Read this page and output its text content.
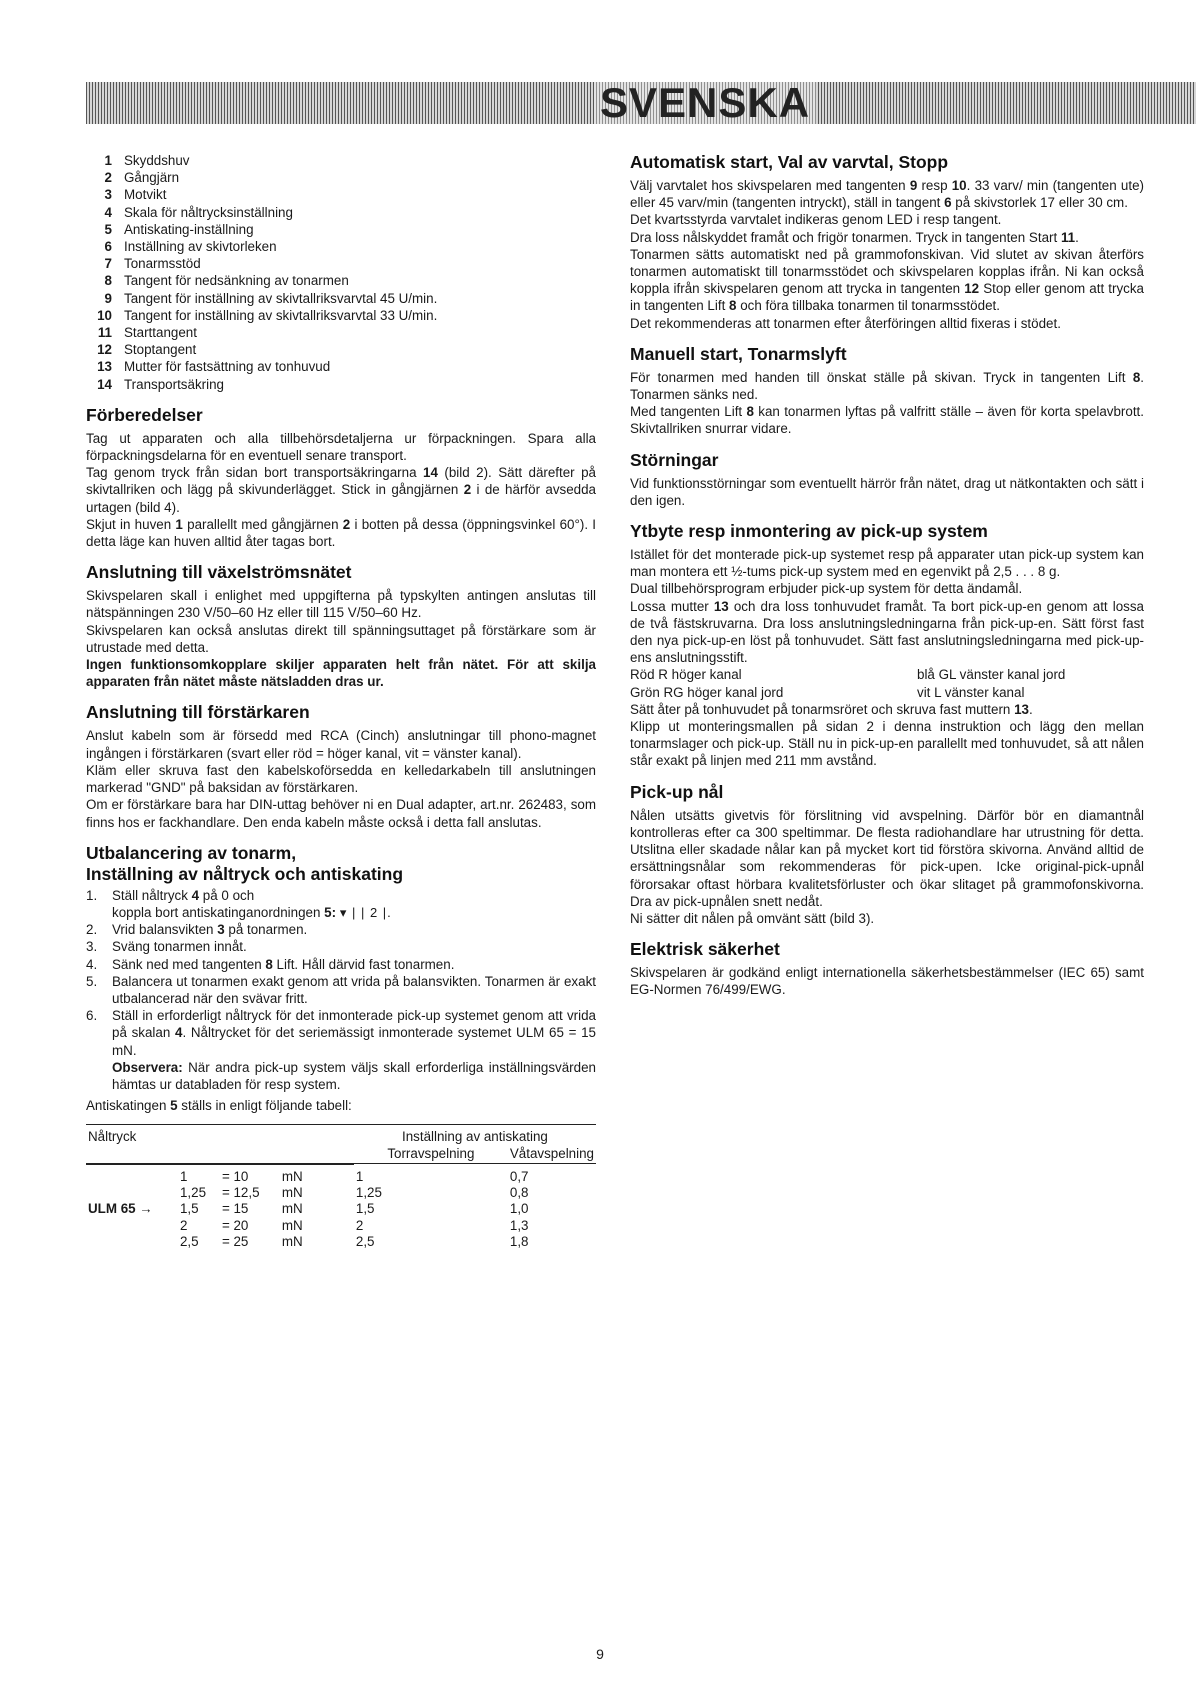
SVENSKA
1 Skyddshuv
2 Gångjärn
3 Motvikt
4 Skala för nåltrycksinställning
5 Antiskating-inställning
6 Inställning av skivtorleken
7 Tonarmsstöd
8 Tangent för nedsänkning av tonarmen
9 Tangent för inställning av skivtallriksvarvtal 45 U/min.
10 Tangent for inställning av skivtallriksvarvtal 33 U/min.
11 Starttangent
12 Stoptangent
13 Mutter för fastsättning av tonhuvud
14 Transportsäkring
Förberedelser

Tag ut apparaten och alla tillbehörsdetaljerna ur förpackningen. Spara alla förpackningsdelarna för en eventuell senare transport.

Tag genom tryck från sidan bort transportsäkringarna 14 (bild 2). Sätt därefter på skivtallriken och lägg på skivunderlägget. Stick in gångjärnen 2 i de härför avsedda urtagen (bild 4).

Skjut in huven 1 parallellt med gångjärnen 2 i botten på dessa (öppningsvinkel 60°). I detta läge kan huven alltid åter tagas bort.

Anslutning till växelströmsnätet

Skivspelaren skall i enlighet med uppgifterna på typskylten antingen anslutas till nätspänningen 230 V/50–60 Hz eller till 115 V/50–60 Hz.

Skivspelaren kan också anslutas direkt till spänningsuttaget på förstärkare som är utrustade med detta.

Ingen funktionsomkopplare skiljer apparaten helt från nätet. För att skilja apparaten från nätet måste nätsladden dras ur.

Anslutning till förstärkaren

Anslut kabeln som är försedd med RCA (Cinch) anslutningar till phono-magnet ingången i förstärkaren (svart eller röd = höger kanal, vit = vänster kanal).

Kläm eller skruva fast den kabelskoförsedda en kelledarkabeln till anslutningen markerad "GND" på baksidan av förstärkaren.

Om er förstärkare bara har DIN-uttag behöver ni en Dual adapter, art.nr. 262483, som finns hos er fackhandlare. Den enda kabeln måste också i detta fall anslutas.

Utbalancering av tonarm,
Inställning av nåltryck och antiskating
1.	Ställ nåltryck 4 på 0 och
koppla bort antiskatinganordningen 5: ▾ | | 2 |.
2.	Vrid balansvikten 3 på tonarmen.
3.	Sväng tonarmen innåt.
4.	Sänk ned med tangenten 8 Lift. Håll därvid fast tonarmen.
5.	Balancera ut tonarmen exakt genom att vrida på balansvikten. Tonarmen är exakt utbalancerad när den svävar fritt.
6.	Ställ in erforderligt nåltryck för det inmonterade pick-up systemet genom att vrida på skalan 4. Nåltrycket för det seriemässigt inmonterade systemet ULM 65 = 15 mN.
Observera: När andra pick-up system väljs skall erforderliga inställningsvärden hämtas ur databladen för resp system.

Antiskatingen 5 ställs in enligt följande tabell:

Nåltryck				Inställning av antiskating	
				Torravspelning	Våtavspelning

	1	= 10	mN	1	0,7
	1,25	= 12,5	mN	1,25	0,8
ULM 65 →	1,5	= 15	mN	1,5	1,0
	2	= 20	mN	2	1,3
	2,5	= 25	mN	2,5	1,8
Automatisk start, Val av varvtal, Stopp

Välj varvtalet hos skivspelaren med tangenten 9 resp 10. 33 varv/ min (tangenten ute) eller 45 varv/min (tangenten intryckt), ställ in tangent 6 på skivstorlek 17 eller 30 cm.

Det kvartsstyrda varvtalet indikeras genom LED i resp tangent.

Dra loss nålskyddet framåt och frigör tonarmen. Tryck in tangenten Start 11.

Tonarmen sätts automatiskt ned på grammofonskivan. Vid slutet av skivan återförs tonarmen automatiskt till tonarmsstödet och skivspelaren kopplas ifrån. Ni kan också koppla ifrån skivspelaren genom att trycka in tangenten 12 Stop eller genom att trycka in tangenten Lift 8 och föra tillbaka tonarmen til tonarmsstödet.

Det rekommenderas att tonarmen efter återföringen alltid fixeras i stödet.

Manuell start, Tonarmslyft

För tonarmen med handen till önskat ställe på skivan. Tryck in tangenten Lift 8. Tonarmen sänks ned.

Med tangenten Lift 8 kan tonarmen lyftas på valfritt ställe – även för korta spelavbrott. Skivtallriken snurrar vidare.

Störningar

Vid funktionsstörningar som eventuellt härrör från nätet, drag ut nätkontakten och sätt i den igen.

Ytbyte resp inmontering av pick-up system

Istället för det monterade pick-up systemet resp på apparater utan pick-up system kan man montera ett ½-tums pick-up system med en egenvikt på 2,5 . . . 8 g.

Dual tillbehörsprogram erbjuder pick-up system för detta ändamål.

Lossa mutter 13 och dra loss tonhuvudet framåt. Ta bort pick-up-en genom att lossa de två fästskruvarna. Dra loss anslutningsledningarna från pick-up-en. Sätt först fast den nya pick-up-en löst på tonhuvudet. Sätt fast anslutningsledningarna med pick-up-ens anslutningsstift.

Röd R höger kanal	blå GL vänster kanal jord
Grön RG höger kanal jord	vit L vänster kanal

Sätt åter på tonhuvudet på tonarmsröret och skruva fast muttern 13.

Klipp ut monteringsmallen på sidan 2 i denna instruktion och lägg den mellan tonarmslager och pick-up. Ställ nu in pick-up-en parallellt med tonhuvudet, så att nålen står exakt på linjen med 211 mm avstånd.

Pick-up nål

Nålen utsätts givetvis för förslitning vid avspelning. Därför bör en diamantnål kontrolleras efter ca 300 speltimmar. De flesta radiohandlare har utrustning för detta. Utslitna eller skadade nålar kan på mycket kort tid förstöra skivorna. Använd alltid de ersättningsnålar som rekommenderas för pick-upen. Icke original-pick-upnål förorsakar oftast hörbara kvalitetsförluster och ökar slitaget på grammofonskivorna. Dra av pick-upnålen snett nedåt.

Ni sätter dit nålen på omvänt sätt (bild 3).

Elektrisk säkerhet

Skivspelaren är godkänd enligt internationella säkerhetsbestämmelser (IEC 65) samt EG-Normen 76/499/EWG.

9
